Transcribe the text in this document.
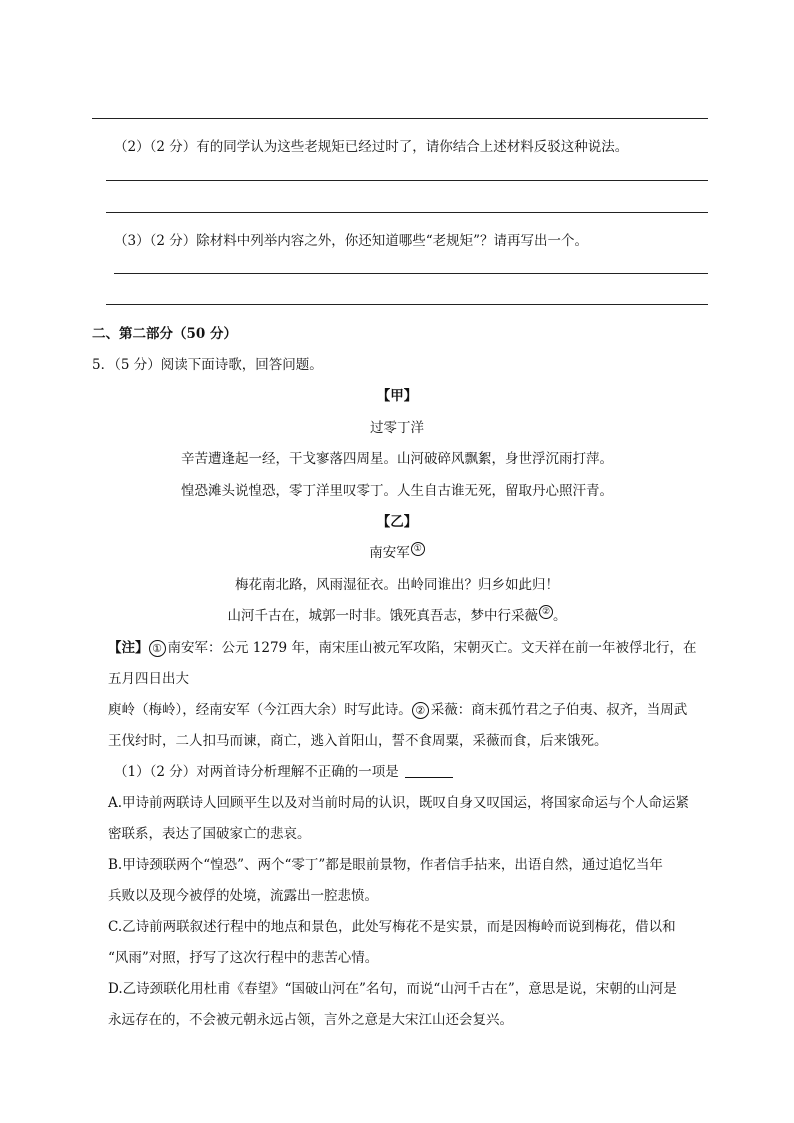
（2）（2 分）有的同学认为这些老规矩已经过时了，请你结合上述材料反驳这种说法。
（3）（2 分）除材料中列举内容之外，你还知道哪些“老规矩”？请再写出一个。
二、第二部分（50 分）
5．（5 分）阅读下面诗歌，回答问题。
【甲】
过零丁洋
辛苦遭逢起一经，干戈寥落四周星。山河破碎风飘絮，身世浮沉雨打萍。
惶恐滩头说惶恐，零丁洋里叹零丁。人生自古谁无死，留取丹心照汗青。
【乙】
南安军 ①
梅花南北路，风雨湿征衣。出岭同谁出？归乡如此归！
山河千古在，城郭一时非。饿死真吾志，梦中行采薇 ② 。
【注】 ① 南安军：公元 1279 年，南宋厓山被元军攻陷，宋朝灭亡。文天祥在前一年被俘北行，在
五月四日出大
庾岭（梅岭），经南安军（今江西大余）时写此诗。 ② 采薇：商末孤竹君之子伯夷、叔齐，当周武
王伐纣时，二人扣马而谏，商亡，逃入首阳山，誓不食周粟，采薇而食，后来饿死。
（1）（2 分）对两首诗分析理解不正确的一项是
A.甲诗前两联诗人回顾平生以及对当前时局的认识，既叹自身又叹国运，将国家命运与个人命运紧
密联系，表达了国破家亡的悲哀。
B.甲诗颈联两个“惶恐”、两个“零丁”都是眼前景物，作者信手拈来，出语自然，通过追忆当年
兵败以及现今被俘的处境，流露出一腔悲愤。
C.乙诗前两联叙述行程中的地点和景色，此处写梅花不是实景，而是因梅岭而说到梅花，借以和
“风雨”对照，抒写了这次行程中的悲苦心情。
D.乙诗颈联化用杜甫《春望》“国破山河在”名句，而说“山河千古在”，意思是说，宋朝的山河是
永远存在的，不会被元朝永远占领，言外之意是大宋江山还会复兴。
